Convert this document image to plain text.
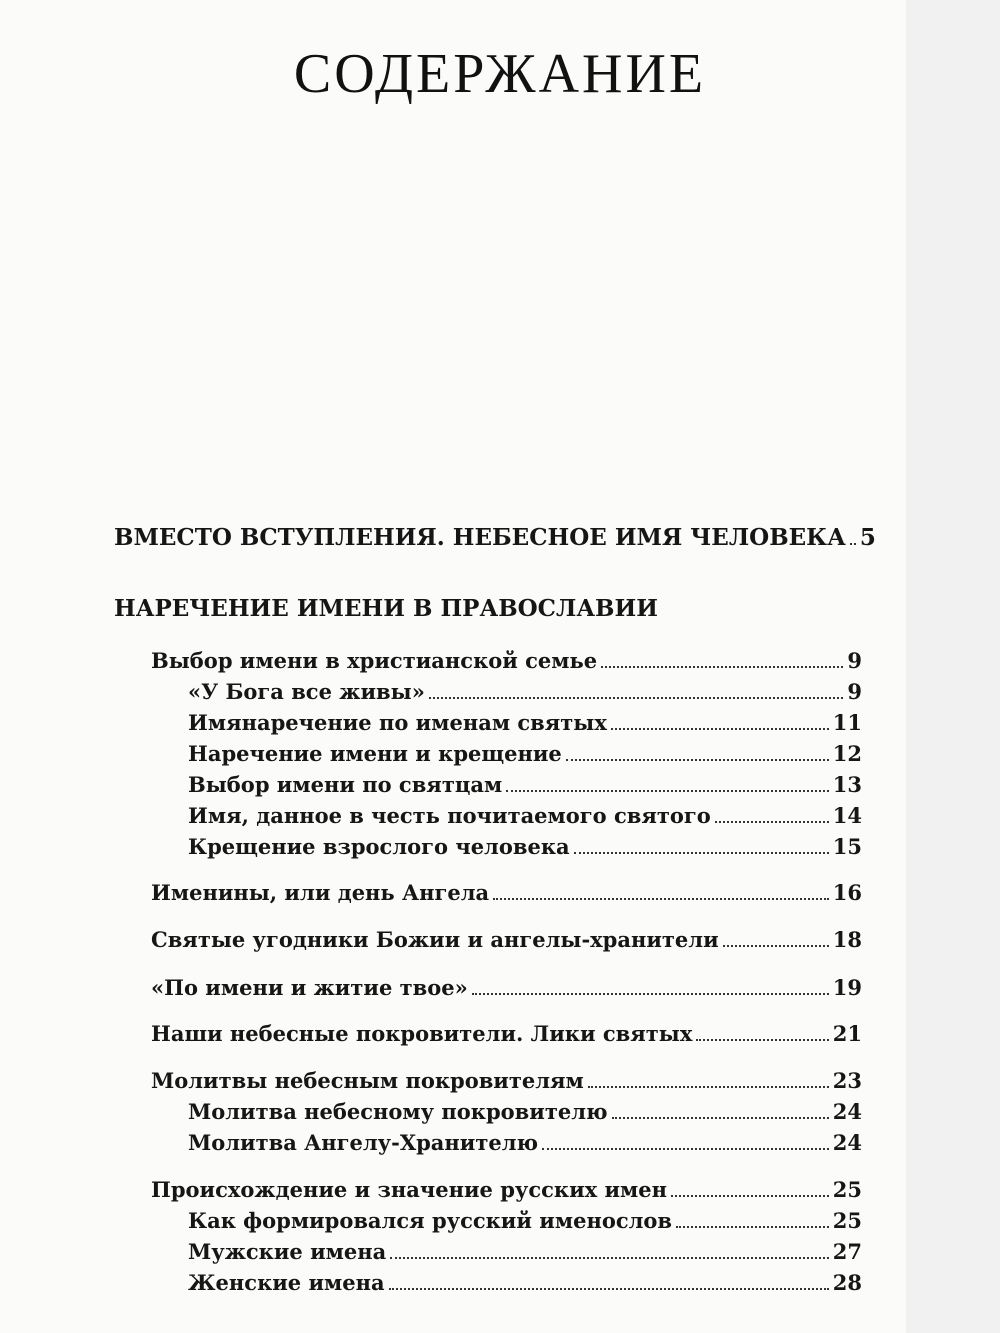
СОДЕРЖАНИЕ
ВМЕСТО ВСТУПЛЕНИЯ. НЕБЕСНОЕ ИМЯ ЧЕЛОВЕКА 5
НАРЕЧЕНИЕ ИМЕНИ В ПРАВОСЛАВИИ
Выбор имени в христианской семье	9
«У Бога все живы»	9
Имянаречение по именам святых	11
Наречение имени и крещение	12
Выбор имени по святцам	13
Имя, данное в честь почитаемого святого	14
Крещение взрослого человека	15
Именины, или день Ангела	16
Святые угодники Божии и ангелы-хранители	18
«По имени и житие твое»	19
Наши небесные покровители. Лики святых	21
Молитвы небесным покровителям	23
Молитва небесному покровителю	24
Молитва Ангелу-Хранителю	24
Происхождение и значение русских имен	25
Как формировался русский именослов	25
Мужские имена	27
Женские имена	28
